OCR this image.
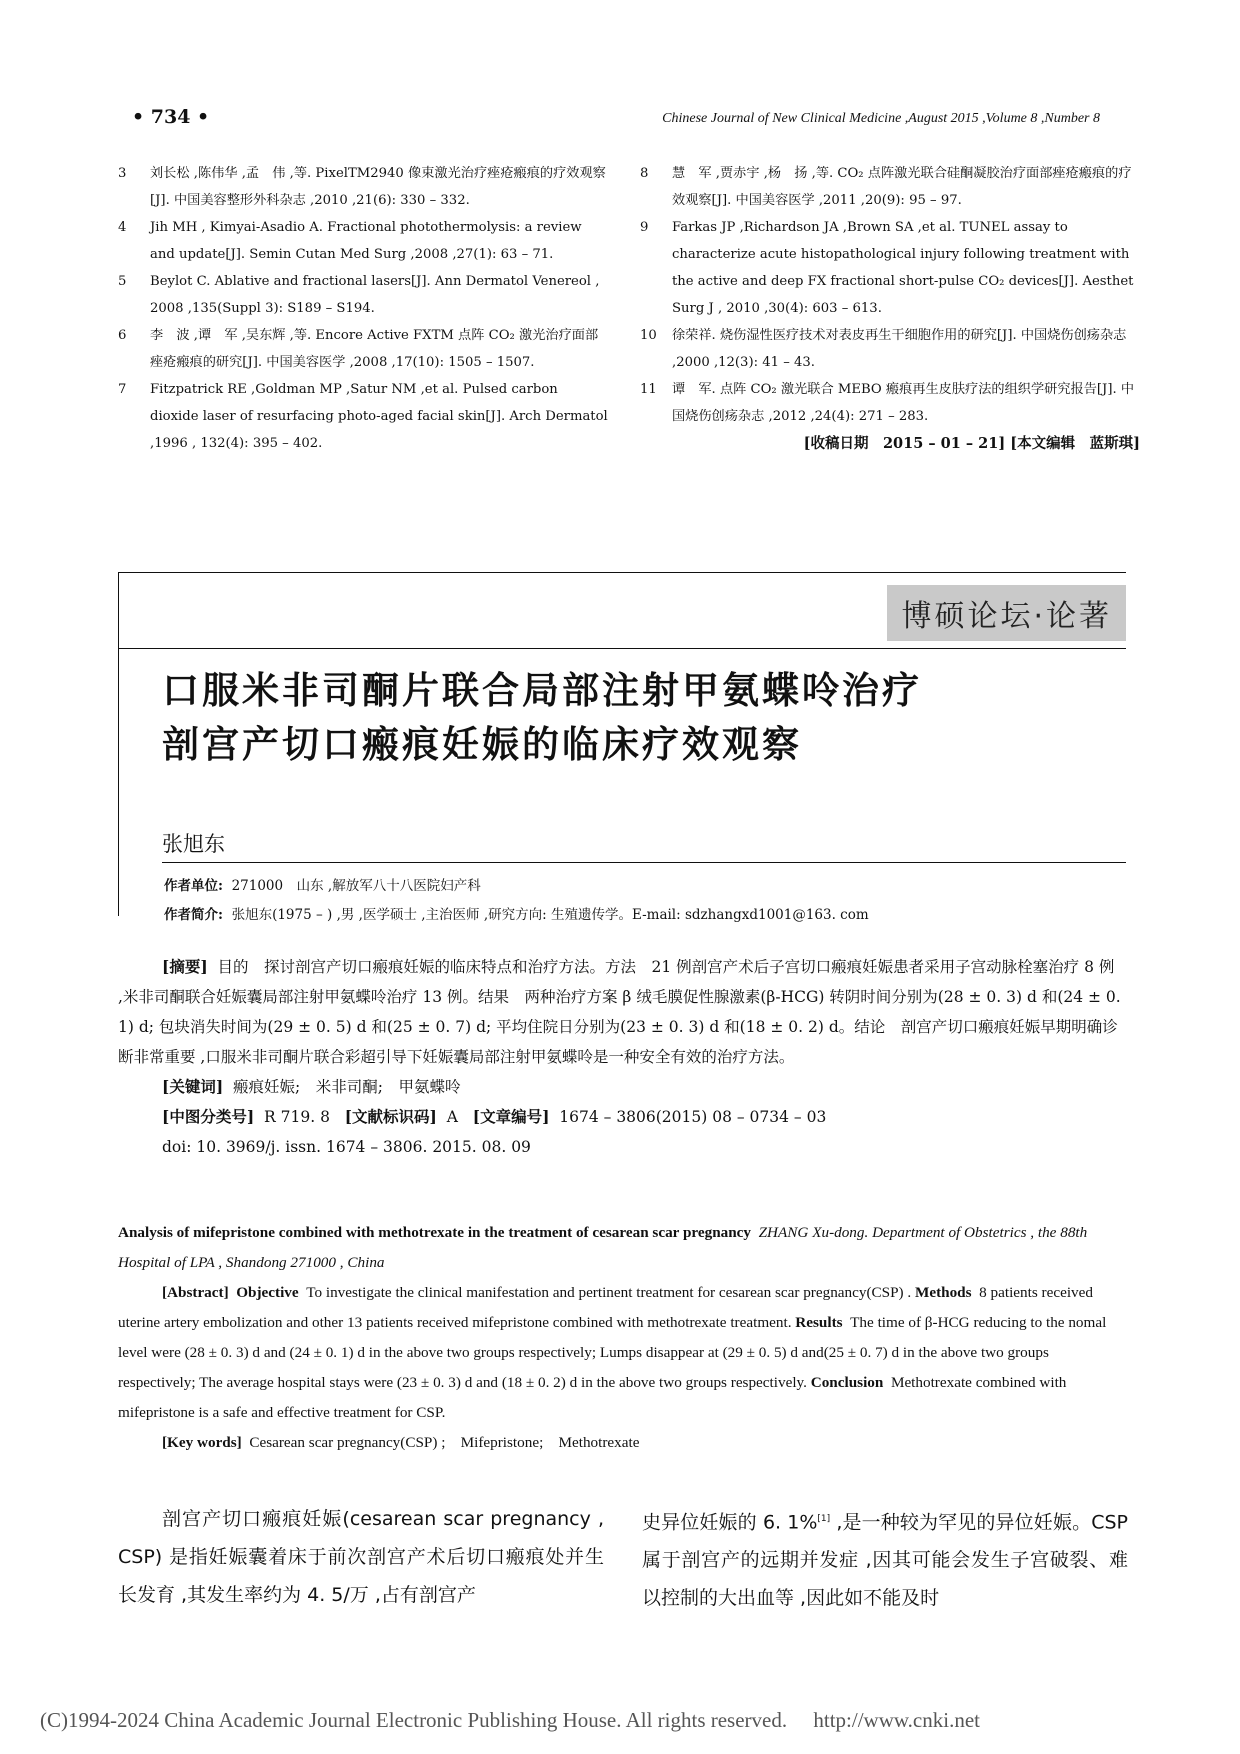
• 734 •	Chinese Journal of New Clinical Medicine ,August 2015 ,Volume 8 ,Number 8
3	刘长松 ,陈伟华 ,孟　伟 ,等. PixelTM2940 像束激光治疗痤疮瘢痕的疗效观察[J]. 中国美容整形外科杂志 ,2010 ,21(6): 330 – 332.
4	Jih MH , Kimyai-Asadio A. Fractional photothermolysis: a review and update[J]. Semin Cutan Med Surg ,2008 ,27(1): 63 – 71.
5	Beylot C. Ablative and fractional lasers[J]. Ann Dermatol Venereol , 2008 ,135(Suppl 3): S189 – S194.
6	李　波 ,谭　军 ,吴东辉 ,等. Encore Active FXTM 点阵 CO₂ 激光治疗面部痤疮瘢痕的研究[J]. 中国美容医学 ,2008 ,17(10): 1505 – 1507.
7	Fitzpatrick RE ,Goldman MP ,Satur NM ,et al. Pulsed carbon dioxide laser of resurfacing photo-aged facial skin[J]. Arch Dermatol ,1996 , 132(4): 395 – 402.
8	慧　军 ,贾赤宇 ,杨　扬 ,等. CO₂ 点阵激光联合硅酮凝胶治疗面部痤疮瘢痕的疗效观察[J]. 中国美容医学 ,2011 ,20(9): 95 – 97.
9	Farkas JP ,Richardson JA ,Brown SA ,et al. TUNEL assay to characterize acute histopathological injury following treatment with the active and deep FX fractional short-pulse CO₂ devices[J]. Aesthet Surg J , 2010 ,30(4): 603 – 613.
10	徐荣祥. 烧伤湿性医疗技术对表皮再生干细胞作用的研究[J]. 中国烧伤创疡杂志 ,2000 ,12(3): 41 – 43.
11	谭　军. 点阵 CO₂ 激光联合 MEBO 瘢痕再生皮肤疗法的组织学研究报告[J]. 中国烧伤创疡杂志 ,2012 ,24(4): 271 – 283.
[收稿日期　2015 – 01 – 21] [本文编辑　蓝斯琪]
博硕论坛·论著
口服米非司酮片联合局部注射甲氨蝶呤治疗
剖宫产切口瘢痕妊娠的临床疗效观察
张旭东
作者单位: 271000　山东 ,解放军八十八医院妇产科
作者简介: 张旭东(1975 – ) ,男 ,医学硕士 ,主治医师 ,研究方向: 生殖遗传学。E-mail: sdzhangxd1001@163. com

[摘要] 目的　探讨剖宫产切口瘢痕妊娠的临床特点和治疗方法。方法　21 例剖宫产术后子宫切口瘢痕妊娠患者采用子宫动脉栓塞治疗 8 例 ,米非司酮联合妊娠囊局部注射甲氨蝶呤治疗 13 例。结果　两种治疗方案 β 绒毛膜促性腺激素(β-HCG) 转阴时间分别为(28 ± 0. 3) d 和(24 ± 0. 1) d; 包块消失时间为(29 ± 0. 5) d 和(25 ± 0. 7) d; 平均住院日分别为(23 ± 0. 3) d 和(18 ± 0. 2) d。结论　剖宫产切口瘢痕妊娠早期明确诊断非常重要 ,口服米非司酮片联合彩超引导下妊娠囊局部注射甲氨蝶呤是一种安全有效的治疗方法。

[关键词] 瘢痕妊娠;　米非司酮;　甲氨蝶呤
[中图分类号] R 719. 8 [文献标识码] A [文章编号] 1674 – 3806(2015) 08 – 0734 – 03
doi: 10. 3969/j. issn. 1674 – 3806. 2015. 08. 09

Analysis of mifepristone combined with methotrexate in the treatment of cesarean scar pregnancy ZHANG Xu-dong. Department of Obstetrics , the 88th Hospital of LPA , Shandong 271000 , China

[Abstract] Objective To investigate the clinical manifestation and pertinent treatment for cesarean scar pregnancy(CSP) . Methods 8 patients received uterine artery embolization and other 13 patients received mifepristone combined with methotrexate treatment. Results The time of β-HCG reducing to the nomal level were (28 ± 0. 3) d and (24 ± 0. 1) d in the above two groups respectively; Lumps disappear at (29 ± 0. 5) d and(25 ± 0. 7) d in the above two groups respectively; The average hospital stays were (23 ± 0. 3) d and (18 ± 0. 2) d in the above two groups respectively. Conclusion Methotrexate combined with mifepristone is a safe and effective treatment for CSP.

[Key words] Cesarean scar pregnancy(CSP) ;　Mifepristone;　Methotrexate

剖宫产切口瘢痕妊娠(cesarean scar pregnancy , CSP) 是指妊娠囊着床于前次剖宫产术后切口瘢痕处并生长发育 ,其发生率约为 4. 5/万 ,占有剖宫产

史异位妊娠的 6. 1%[1] ,是一种较为罕见的异位妊娠。CSP 属于剖宫产的远期并发症 ,因其可能会发生子宫破裂、难以控制的大出血等 ,因此如不能及时

(C)1994-2024 China Academic Journal Electronic Publishing House. All rights reserved.　 http://www.cnki.net
